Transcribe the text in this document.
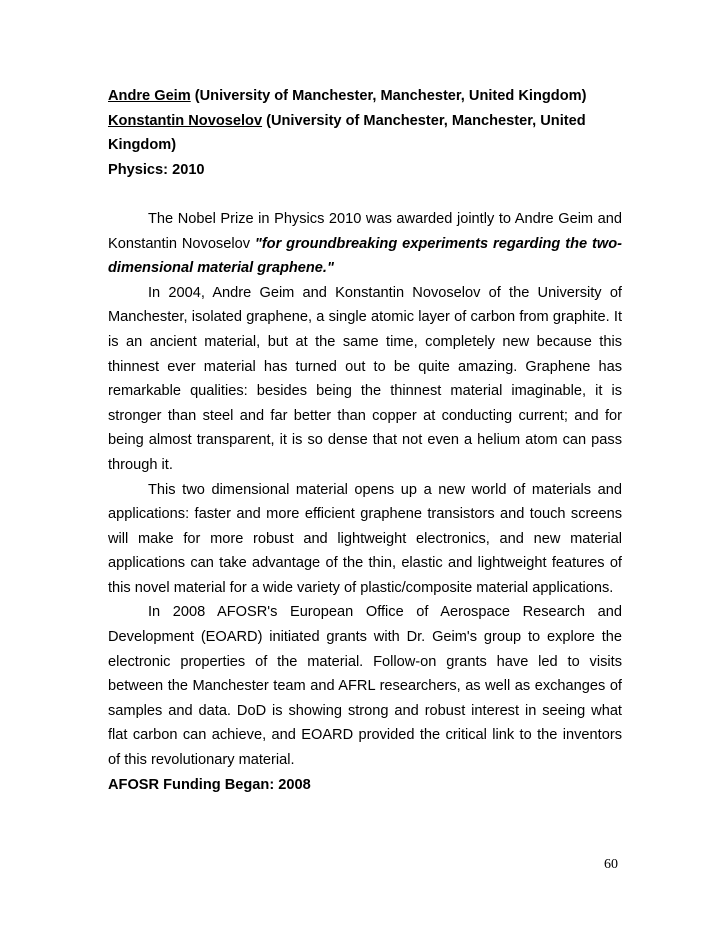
Andre Geim (University of Manchester, Manchester, United Kingdom)
Konstantin Novoselov (University of Manchester, Manchester, United Kingdom)
Physics: 2010

The Nobel Prize in Physics 2010 was awarded jointly to Andre Geim and Konstantin Novoselov "for groundbreaking experiments regarding the two-dimensional material graphene."

In 2004, Andre Geim and Konstantin Novoselov of the University of Manchester, isolated graphene, a single atomic layer of carbon from graphite. It is an ancient material, but at the same time, completely new because this thinnest ever material has turned out to be quite amazing. Graphene has remarkable qualities: besides being the thinnest material imaginable, it is stronger than steel and far better than copper at conducting current; and for being almost transparent, it is so dense that not even a helium atom can pass through it.

This two dimensional material opens up a new world of materials and applications: faster and more efficient graphene transistors and touch screens will make for more robust and lightweight electronics, and new material applications can take advantage of the thin, elastic and lightweight features of this novel material for a wide variety of plastic/composite material applications.

In 2008 AFOSR's European Office of Aerospace Research and Development (EOARD) initiated grants with Dr. Geim's group to explore the electronic properties of the material. Follow-on grants have led to visits between the Manchester team and AFRL researchers, as well as exchanges of samples and data. DoD is showing strong and robust interest in seeing what flat carbon can achieve, and EOARD provided the critical link to the inventors of this revolutionary material.

AFOSR Funding Began: 2008
60
